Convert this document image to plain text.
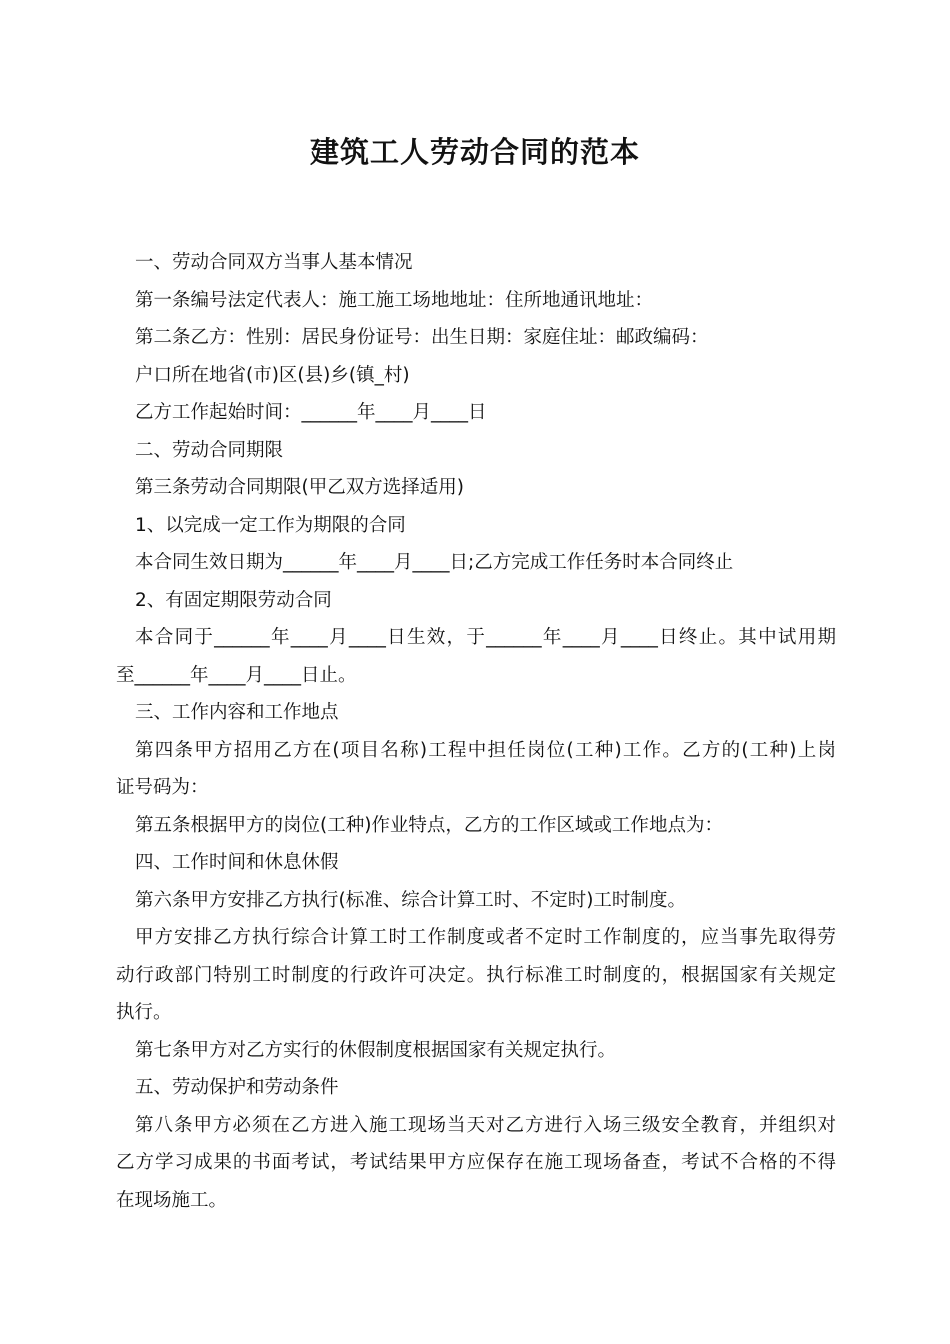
建筑工人劳动合同的范本
一、劳动合同双方当事人基本情况
第一条编号法定代表人：施工施工场地地址：住所地通讯地址：
第二条乙方：性别：居民身份证号：出生日期：家庭住址：邮政编码：
户口所在地省(市)区(县)乡(镇_村)
乙方工作起始时间：______年____月____日
二、劳动合同期限
第三条劳动合同期限(甲乙双方选择适用)
1、以完成一定工作为期限的合同
本合同生效日期为______年____月____日;乙方完成工作任务时本合同终止
2、有固定期限劳动合同
本合同于______年____月____日生效，于______年____月____日终止。其中试用期
至______年____月____日止。
三、工作内容和工作地点
第四条甲方招用乙方在(项目名称)工程中担任岗位(工种)工作。乙方的(工种)上岗
证号码为：
第五条根据甲方的岗位(工种)作业特点，乙方的工作区域或工作地点为：
四、工作时间和休息休假
第六条甲方安排乙方执行(标准、综合计算工时、不定时)工时制度。
甲方安排乙方执行综合计算工时工作制度或者不定时工作制度的，应当事先取得劳
动行政部门特别工时制度的行政许可决定。执行标准工时制度的，根据国家有关规定
执行。
第七条甲方对乙方实行的休假制度根据国家有关规定执行。
五、劳动保护和劳动条件
第八条甲方必须在乙方进入施工现场当天对乙方进行入场三级安全教育，并组织对
乙方学习成果的书面考试，考试结果甲方应保存在施工现场备查，考试不合格的不得
在现场施工。
